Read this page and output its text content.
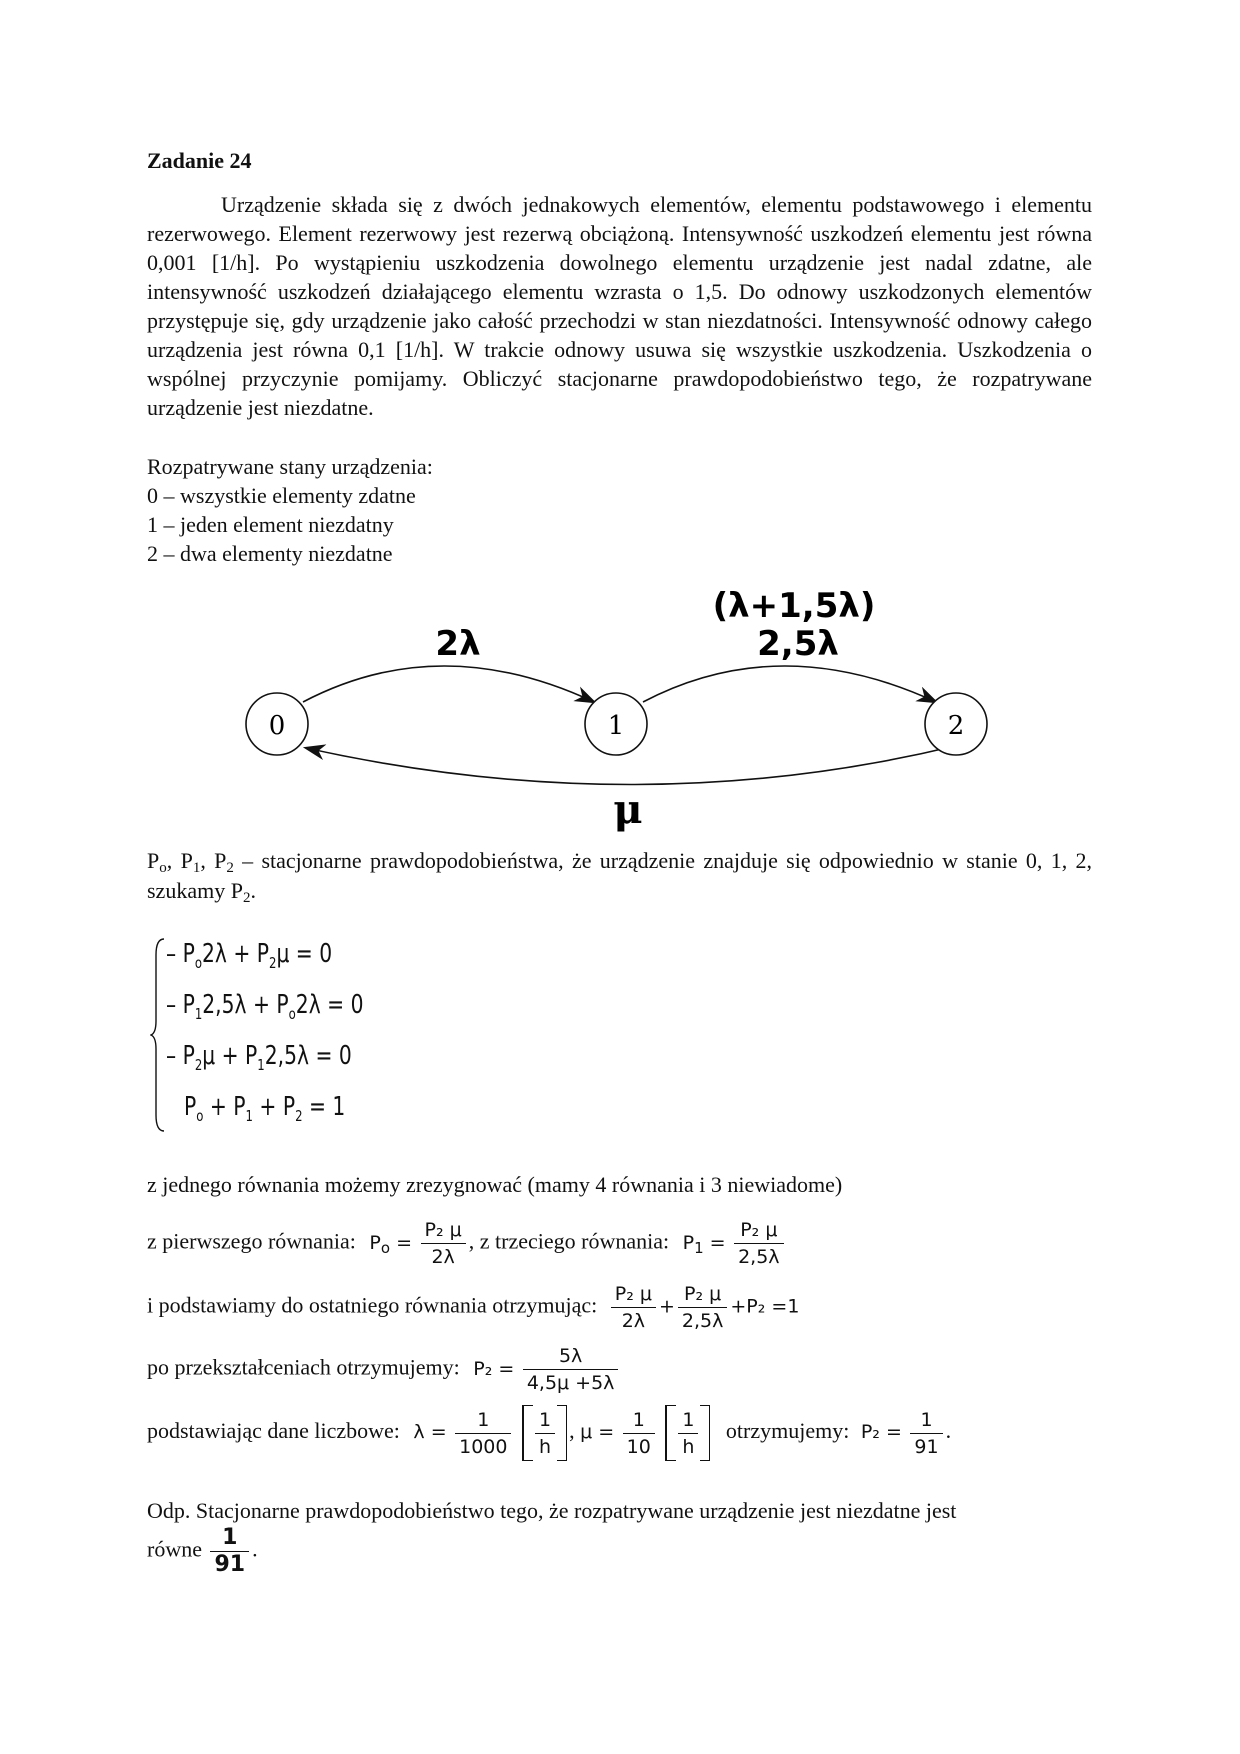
Zadanie 24
Urządzenie składa się z dwóch jednakowych elementów, elementu podstawowego i elementu rezerwowego. Element rezerwowy jest rezerwą obciążoną. Intensywność uszkodzeń elementu jest równa 0,001 [1/h]. Po wystąpieniu uszkodzenia dowolnego elementu urządzenie jest nadal zdatne, ale intensywność uszkodzeń działającego elementu wzrasta o 1,5. Do odnowy uszkodzonych elementów przystępuje się, gdy urządzenie jako całość przechodzi w stan niezdatności. Intensywność odnowy całego urządzenia jest równa 0,1 [1/h]. W trakcie odnowy usuwa się wszystkie uszkodzenia. Uszkodzenia o wspólnej przyczynie pomijamy. Obliczyć stacjonarne prawdopodobieństwo tego, że rozpatrywane urządzenie jest niezdatne.
Rozpatrywane stany urządzenia:
0 – wszystkie elementy zdatne
1 – jeden element niezdatny
2 – dwa elementy niezdatne
0	1	2
2λ
(λ+1,5λ)
2,5λ
μ
$P_o$, $P_1$, $P_2$ – stacjonarne prawdopodobieństwa, że urządzenie znajduje się odpowiednio w stanie 0, 1, 2, szukamy $P_2$.
– $P_o2\lambda + P_2\mu = 0$
– $P_12,5\lambda + P_o2\lambda = 0$
– $P_2\mu + P_12,5\lambda = 0$
$P_o + P_1 + P_2 = 1$
z jednego równania możemy zrezygnować (mamy 4 równania i 3 niewiadome)
z pierwszego równania: $P_o = \frac{\text{P₂ μ}}{2\lambda}$ , z trzeciego równania: $P_1 = \frac{\text{P₂ μ}}{2,5\lambda}$
i podstawiamy do ostatniego równania otrzymując: $\frac{\text{P₂ μ}}{2\lambda} + \frac{\text{P₂ μ}}{2,5\lambda} +P_2 =1$
po przekształceniach otrzymujemy: $P_2 = \frac{5\lambda}{4,5\mu +5\lambda}$
podstawiając dane liczbowe: $\lambda = \frac{1}{1000}$
$\frac{1}{h}$ , $\mu = \frac{1}{10}$
$\frac{1}{h}$ otrzymujemy: $P_2 = \frac{1}{91}$ .
Odp. Stacjonarne prawdopodobieństwo tego, że rozpatrywane urządzenie jest niezdatne jest
równe $\frac{1}{91}$ .
